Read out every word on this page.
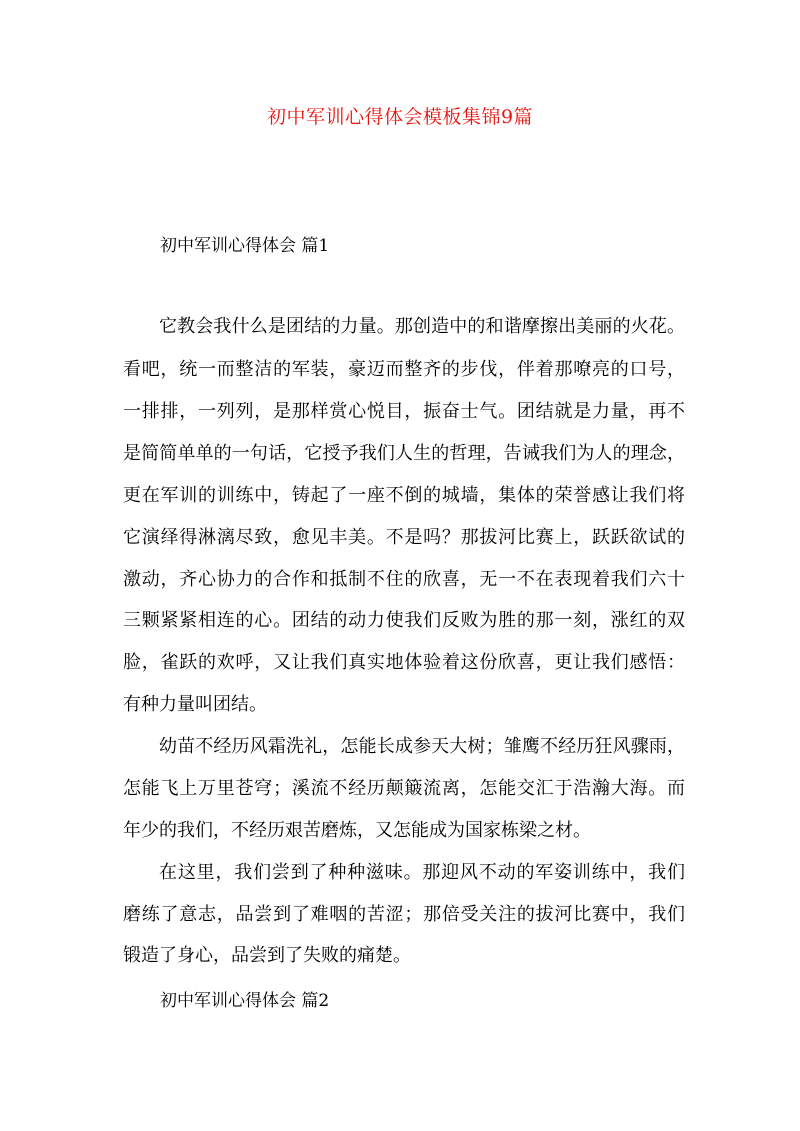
初中军训心得体会模板集锦9篇
初中军训心得体会 篇1
它教会我什么是团结的力量。那创造中的和谐摩擦出美丽的火花。
看吧，统一而整洁的军装，豪迈而整齐的步伐，伴着那嘹亮的口号，
一排排，一列列，是那样赏心悦目，振奋士气。团结就是力量，再不
是简简单单的一句话，它授予我们人生的哲理，告诫我们为人的理念，
更在军训的训练中，铸起了一座不倒的城墙，集体的荣誉感让我们将
它演绎得淋漓尽致，愈见丰美。不是吗？那拔河比赛上，跃跃欲试的
激动，齐心协力的合作和抵制不住的欣喜，无一不在表现着我们六十
三颗紧紧相连的心。团结的动力使我们反败为胜的那一刻，涨红的双
脸，雀跃的欢呼，又让我们真实地体验着这份欣喜，更让我们感悟：
有种力量叫团结。
幼苗不经历风霜洗礼，怎能长成参天大树；雏鹰不经历狂风骤雨，
怎能飞上万里苍穹；溪流不经历颠簸流离，怎能交汇于浩瀚大海。而
年少的我们，不经历艰苦磨炼，又怎能成为国家栋梁之材。
在这里，我们尝到了种种滋味。那迎风不动的军姿训练中，我们
磨练了意志，品尝到了难咽的苦涩；那倍受关注的拔河比赛中，我们
锻造了身心，品尝到了失败的痛楚。
初中军训心得体会 篇2
